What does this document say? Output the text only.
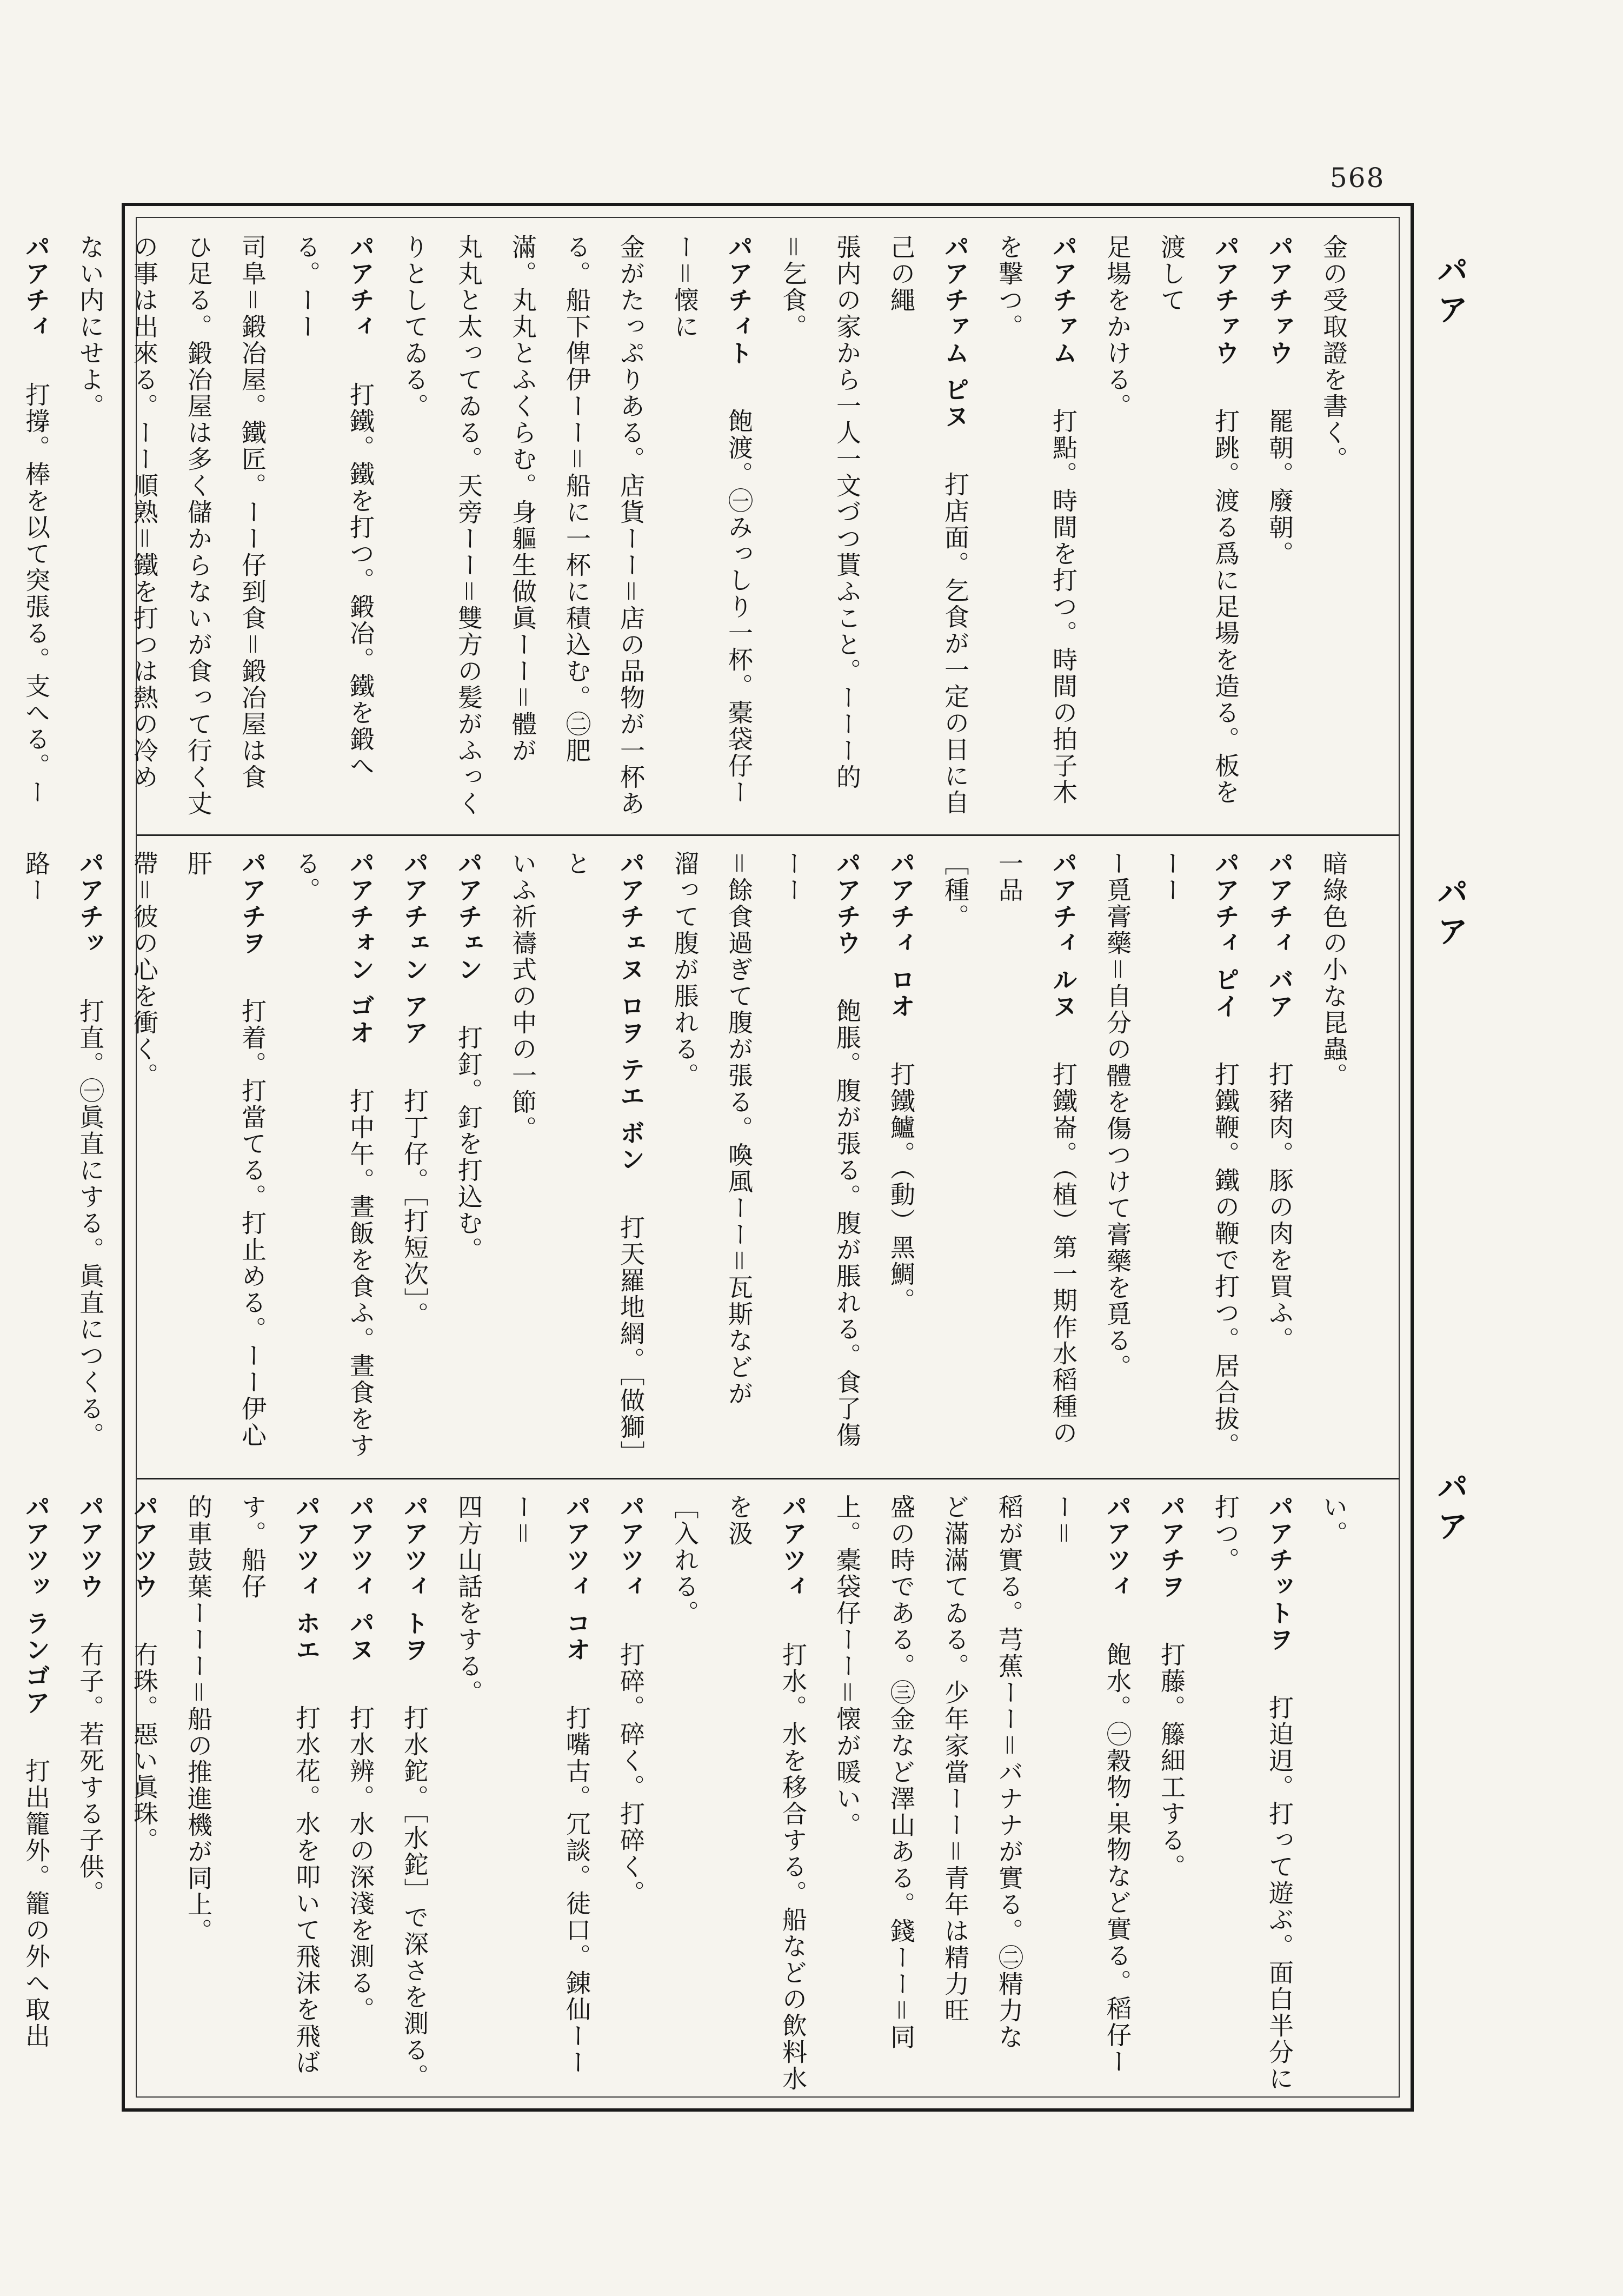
568
金の受取證を書く。
パアチァウ　罷朝。廢朝。
パアチァウ　打跳。渡る爲に足場を造る。板を渡して
足場をかける。
パアチァム　打點。時間を打つ。時間の拍子木を撃つ。
パアチァム ピヌ　打店面。乞食が一定の日に自己の繩
張内の家から一人一文づつ貰ふこと。ーーー的
＝乞食。
パアチィト　飽渡。㊀みっしり一杯。橐袋仔ーー＝懐に
金がたっぷりある。店貨ーー＝店の品物が一杯あ
る。船下俾伊ーー＝船に一杯に積込む。㊁肥
滿。丸丸とふくらむ。身軀生做眞ーー＝體が
丸丸と太ってゐる。天旁ーー＝雙方の髪がふっく
りとしてゐる。
パアチィ　打鐵。鐵を打つ。鍛冶。鐵を鍛へる。ーー
司阜＝鍛冶屋。鐵匠。ーー仔到食＝鍛冶屋は食
ひ足る。鍛冶屋は多く儲からないが食って行く丈
の事は出來る。ーー順熟＝鐵を打つは熱の冷め
ない内にせよ。
パアチィ　打撐。棒を以て突張る。支へる。ー

暗綠色の小な昆蟲。
パアチィ バア　打豬肉。豚の肉を買ふ。
パアチィ ピイ　打鐵鞭。鐵の鞭で打つ。居合拔。ーー
ー覓膏藥＝自分の體を傷つけて膏藥を覓る。
パアチィ ルヌ　打鐵崙。（植）第一期作水稻種の一品
［種。
パアチィ ロオ　打鐵鱸。（動）黑鯛。
パアチウ　飽脹。腹が張る。腹が脹れる。食了傷ーー
＝餘食過ぎて腹が張る。喚風ーー＝瓦斯などが
溜って腹が脹れる。
パアチェヌ ロヲ テエ ボン　打天羅地網。［做獅］と
いふ祈禱式の中の一節。
パアチェン　打釘。釘を打込む。
パアチェン アア　打丁仔。［打短次］。
パアチォン ゴオ　打中午。晝飯を食ふ。晝食をする。
パアチヲ　打着。打當てる。打止める。ーー伊心肝
帶＝彼の心を衝く。
パアチッ　打直。㊀眞直にする。眞直につくる。路ー
い。
パアチットヲ　打迫迌。打って遊ぶ。面白半分に打つ。
パアチヲ　打藤。籐細工する。
パアツィ　飽水。㊀穀物·果物など實る。稻仔ーー＝
稻が實る。芎蕉ーー＝バナナが實る。㊁精力な
ど滿滿てゐる。少年家當ーー＝青年は精力旺
盛の時である。㊂金など澤山ある。錢ーー＝同
上。橐袋仔ーー＝懐が暖い。
パアツィ　打水。水を移合する。船などの飲料水を汲
［入れる。
パアツィ　打碎。碎く。打碎く。
パアツィ コオ　打嘴古。冗談。徒口。錬仙ーーー＝
四方山話をする。
パアツィ トヲ　打水鉈。［水鉈］で深さを測る。
パアツィ パヌ　打水辨。水の深淺を測る。
パアツィ ホエ　打水花。水を叩いて飛沫を飛ばす。船仔
的車鼓葉ーーー＝船の推進機が同上。
パアツウ　冇珠。惡い眞珠。
パアツウ　冇子。若死する子供。
パアツッ ランゴア　打出籠外。籠の外へ取出

パア
パア
パア
